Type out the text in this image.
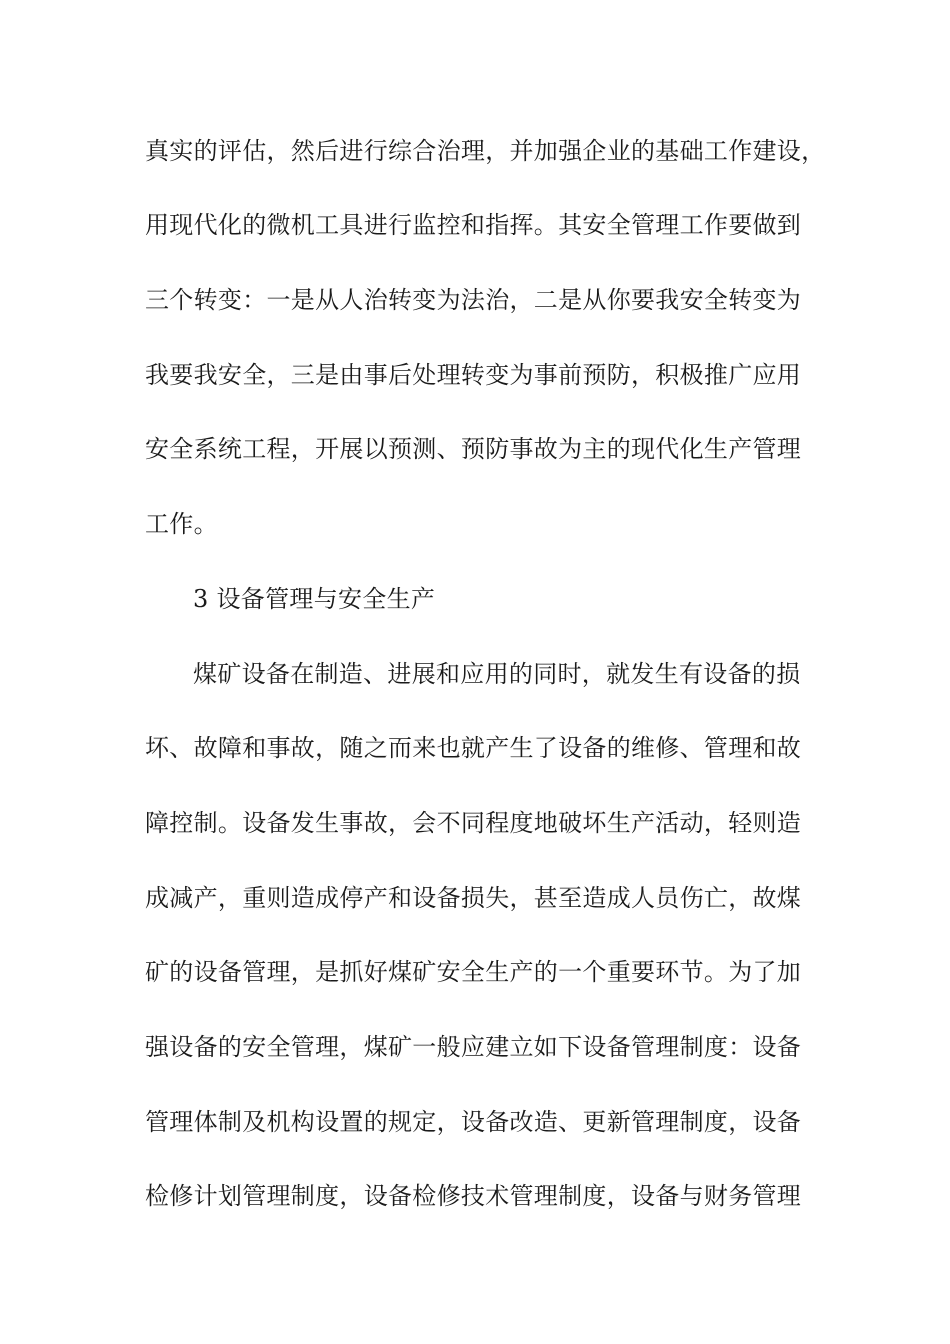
真实的评估，然后进行综合治理，并加强企业的基础工作建设，
用现代化的微机工具进行监控和指挥。其安全管理工作要做到
三个转变：一是从人治转变为法治，二是从你要我安全转变为
我要我安全，三是由事后处理转变为事前预防，积极推广应用
安全系统工程，开展以预测、预防事故为主的现代化生产管理
工作。
3 设备管理与安全生产
煤矿设备在制造、进展和应用的同时，就发生有设备的损
坏、故障和事故，随之而来也就产生了设备的维修、管理和故
障控制。设备发生事故，会不同程度地破坏生产活动，轻则造
成减产，重则造成停产和设备损失，甚至造成人员伤亡，故煤
矿的设备管理，是抓好煤矿安全生产的一个重要环节。为了加
强设备的安全管理，煤矿一般应建立如下设备管理制度：设备
管理体制及机构设置的规定，设备改造、更新管理制度，设备
检修计划管理制度，设备检修技术管理制度，设备与财务管理
